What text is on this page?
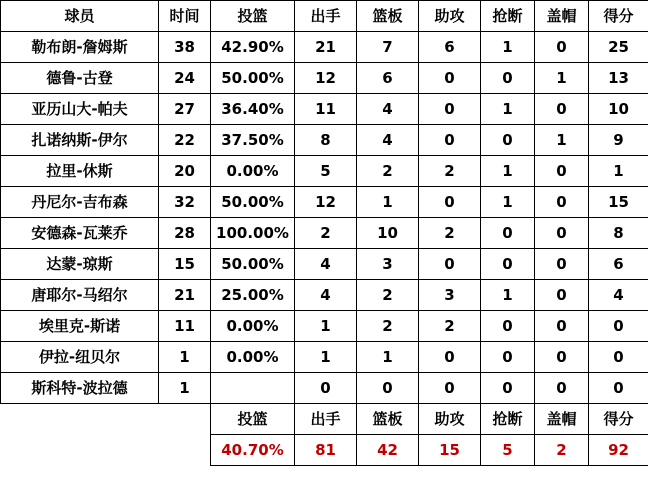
球员	时间	投篮	出手	篮板	助攻	抢断	盖帽	得分
勒布朗-詹姆斯	38	42.90%	21	7	6	1	0	25
德鲁-古登	24	50.00%	12	6	0	0	1	13
亚历山大-帕夫	27	36.40%	11	4	0	1	0	10
扎诺纳斯-伊尔	22	37.50%	8	4	0	0	1	9
拉里-休斯	20	0.00%	5	2	2	1	0	1
丹尼尔-吉布森	32	50.00%	12	1	0	1	0	15
安德森-瓦莱乔	28	100.00%	2	10	2	0	0	8
达蒙-琼斯	15	50.00%	4	3	0	0	0	6
唐耶尔-马绍尔	21	25.00%	4	2	3	1	0	4
埃里克-斯诺	11	0.00%	1	2	2	0	0	0
伊拉-纽贝尔	1	0.00%	1	1	0	0	0	0
斯科特-波拉德	1		0	0	0	0	0	0
		投篮	出手	篮板	助攻	抢断	盖帽	得分
		40.70%	81	42	15	5	2	92
